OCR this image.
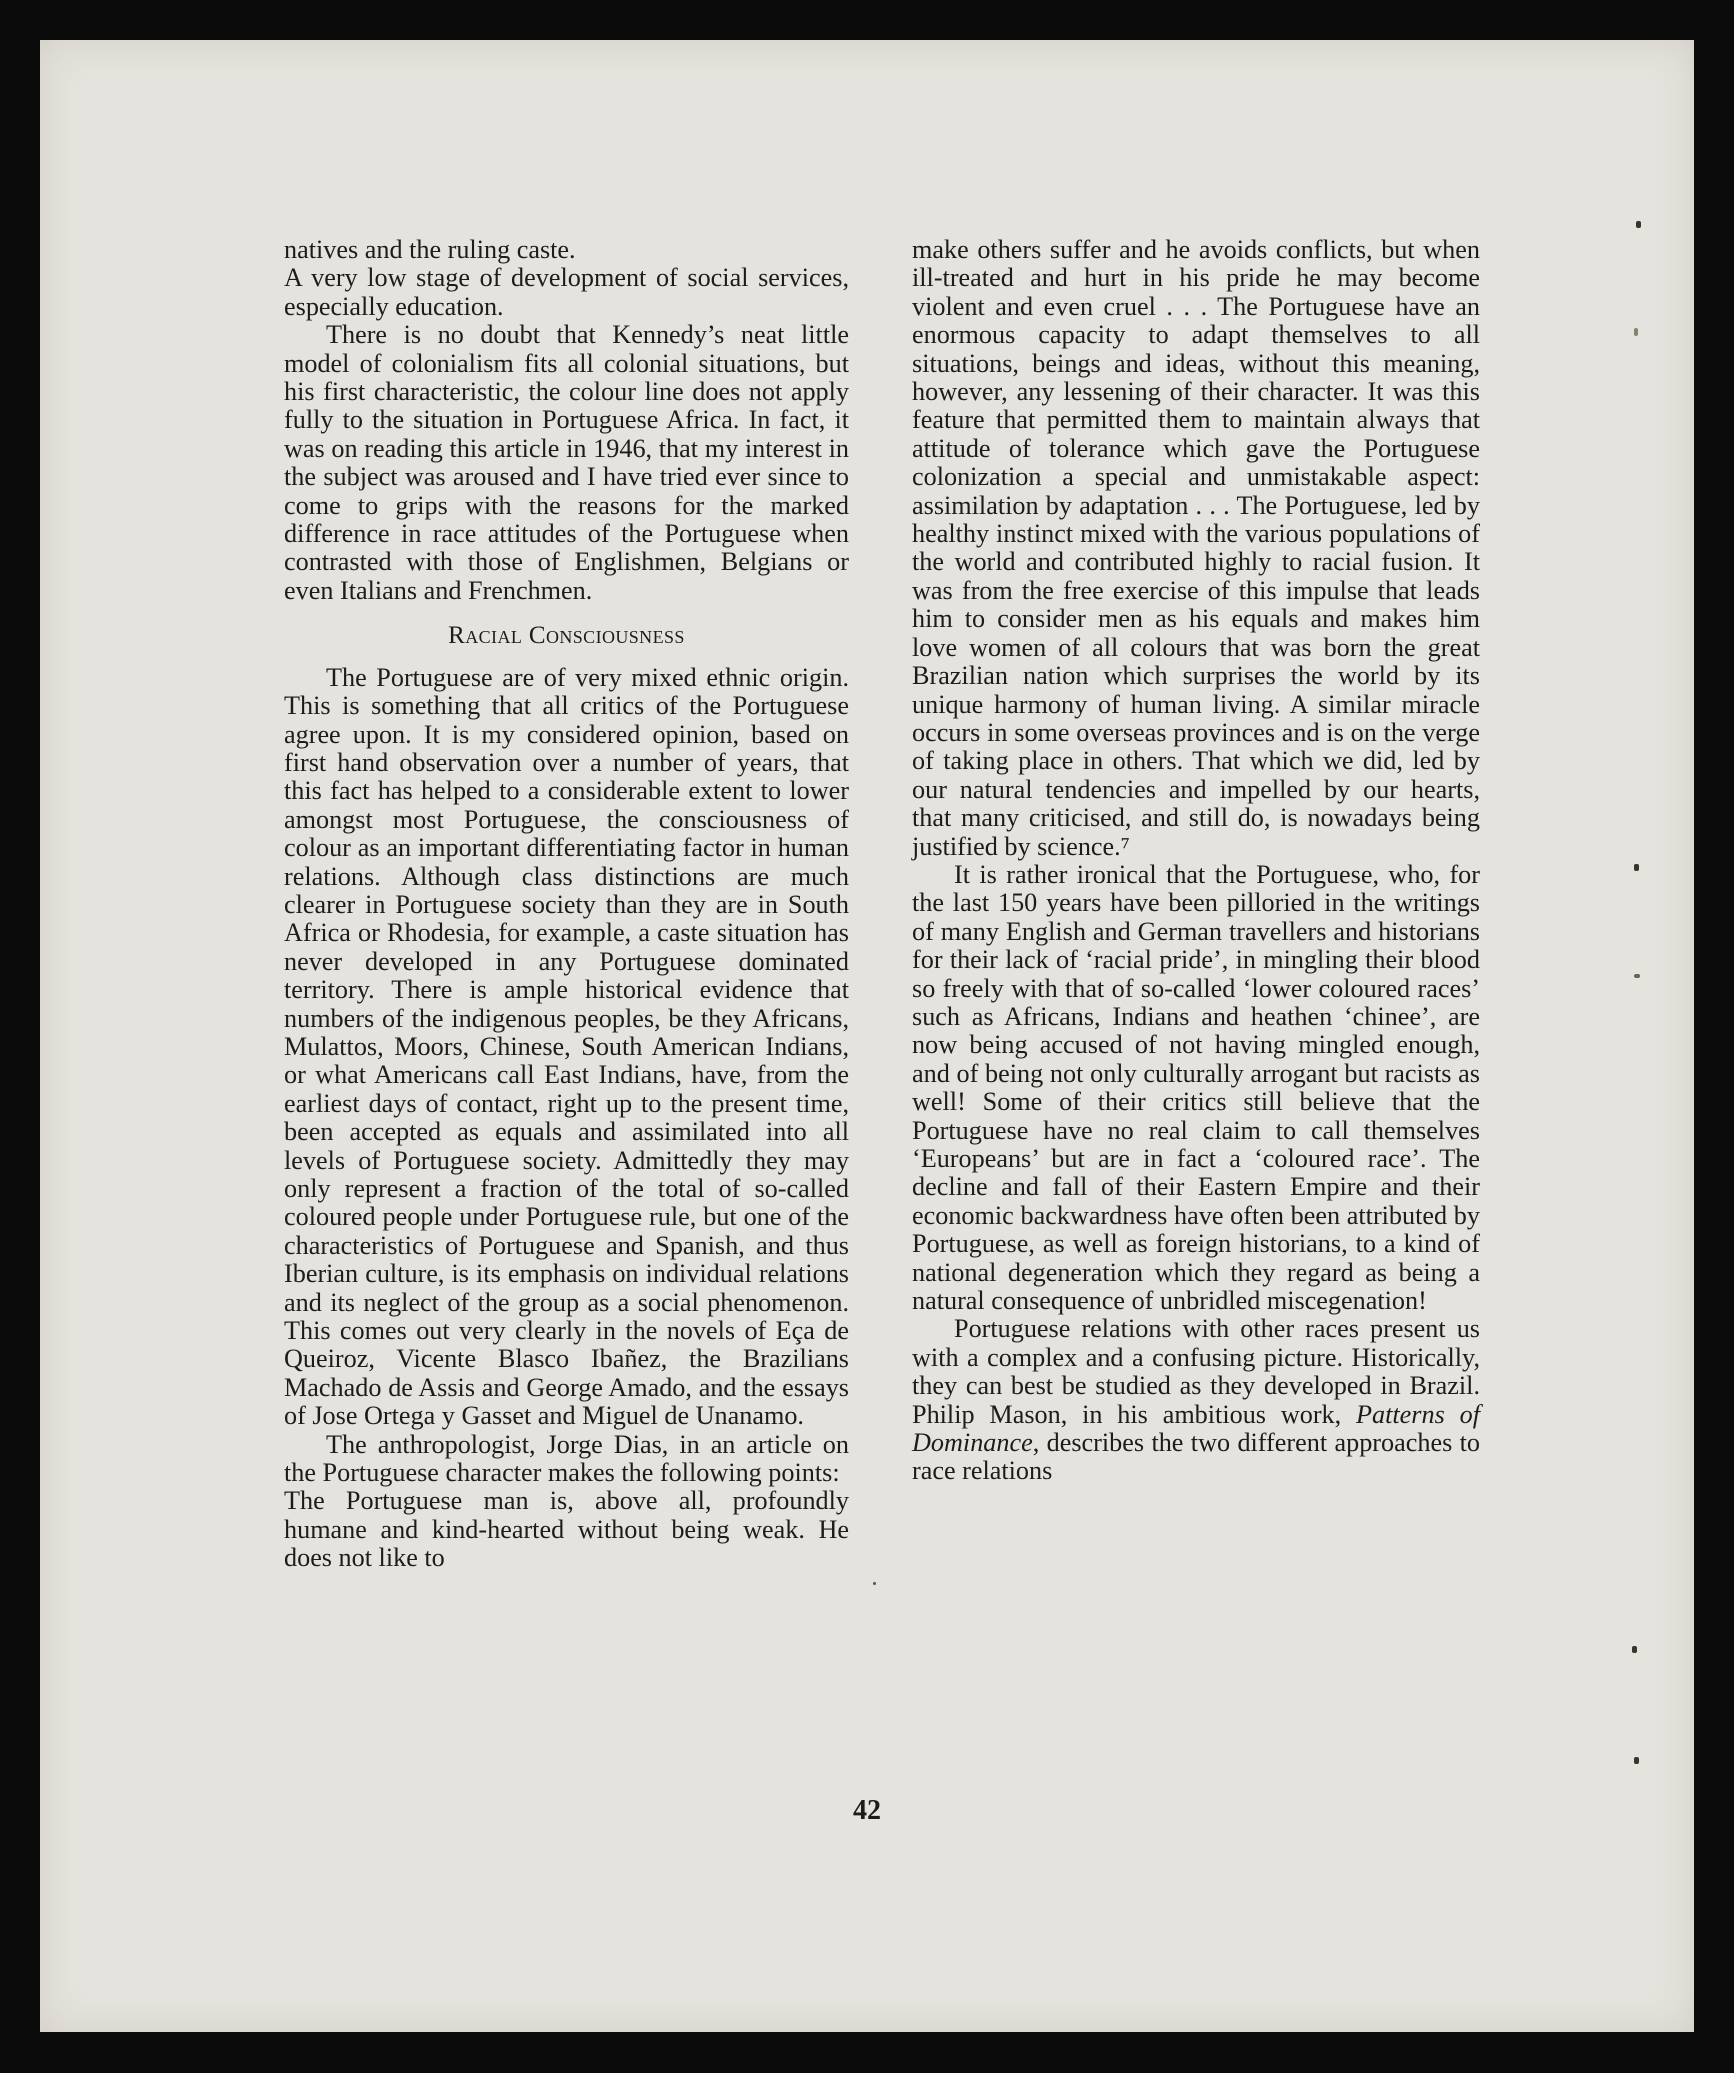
natives and the ruling caste.

A very low stage of development of social services, especially education.

There is no doubt that Kennedy’s neat little model of colonialism fits all colonial situations, but his first characteristic, the colour line does not apply fully to the situation in Portuguese Africa. In fact, it was on reading this article in 1946, that my interest in the subject was aroused and I have tried ever since to come to grips with the reasons for the marked difference in race attitudes of the Portuguese when contrasted with those of Englishmen, Belgians or even Italians and Frenchmen.

Racial Consciousness

The Portuguese are of very mixed ethnic origin. This is something that all critics of the Portuguese agree upon. It is my considered opinion, based on first hand observation over a number of years, that this fact has helped to a considerable extent to lower amongst most Portuguese, the consciousness of colour as an important differentiating factor in human relations. Although class distinctions are much clearer in Portuguese society than they are in South Africa or Rhodesia, for example, a caste situation has never developed in any Portuguese dominated territory. There is ample historical evidence that numbers of the indigenous peoples, be they Africans, Mulattos, Moors, Chinese, South American Indians, or what Americans call East Indians, have, from the earliest days of contact, right up to the present time, been accepted as equals and assimilated into all levels of Portuguese society. Admittedly they may only represent a fraction of the total of so-called coloured people under Portuguese rule, but one of the characteristics of Portuguese and Spanish, and thus Iberian culture, is its emphasis on individual relations and its neglect of the group as a social phenomenon. This comes out very clearly in the novels of Eça de Queiroz, Vicente Blasco Ibañez, the Brazilians Machado de Assis and George Amado, and the essays of Jose Ortega y Gasset and Miguel de Unanamo.

The anthropologist, Jorge Dias, in an article on the Portuguese character makes the following points:

The Portuguese man is, above all, profoundly humane and kind-hearted without being weak. He does not like to

make others suffer and he avoids conflicts, but when ill-treated and hurt in his pride he may become violent and even cruel . . . The Portuguese have an enormous capacity to adapt themselves to all situations, beings and ideas, without this meaning, however, any lessening of their character. It was this feature that permitted them to maintain always that attitude of tolerance which gave the Portuguese colonization a special and unmistakable aspect: assimilation by adaptation . . . The Portuguese, led by healthy instinct mixed with the various populations of the world and contributed highly to racial fusion. It was from the free exercise of this impulse that leads him to consider men as his equals and makes him love women of all colours that was born the great Brazilian nation which surprises the world by its unique harmony of human living. A similar miracle occurs in some overseas provinces and is on the verge of taking place in others. That which we did, led by our natural tendencies and impelled by our hearts, that many criticised, and still do, is nowadays being justified by science.⁷

It is rather ironical that the Portuguese, who, for the last 150 years have been pilloried in the writings of many English and German travellers and historians for their lack of ‘racial pride’, in mingling their blood so freely with that of so-called ‘lower coloured races’ such as Africans, Indians and heathen ‘chinee’, are now being accused of not having mingled enough, and of being not only culturally arrogant but racists as well! Some of their critics still believe that the Portuguese have no real claim to call themselves ‘Europeans’ but are in fact a ‘coloured race’. The decline and fall of their Eastern Empire and their economic backwardness have often been attributed by Portuguese, as well as foreign historians, to a kind of national degeneration which they regard as being a natural consequence of unbridled miscegenation!

Portuguese relations with other races present us with a complex and a confusing picture. Historically, they can best be studied as they developed in Brazil. Philip Mason, in his ambitious work, Patterns of Dominance, describes the two different approaches to race relations

42
